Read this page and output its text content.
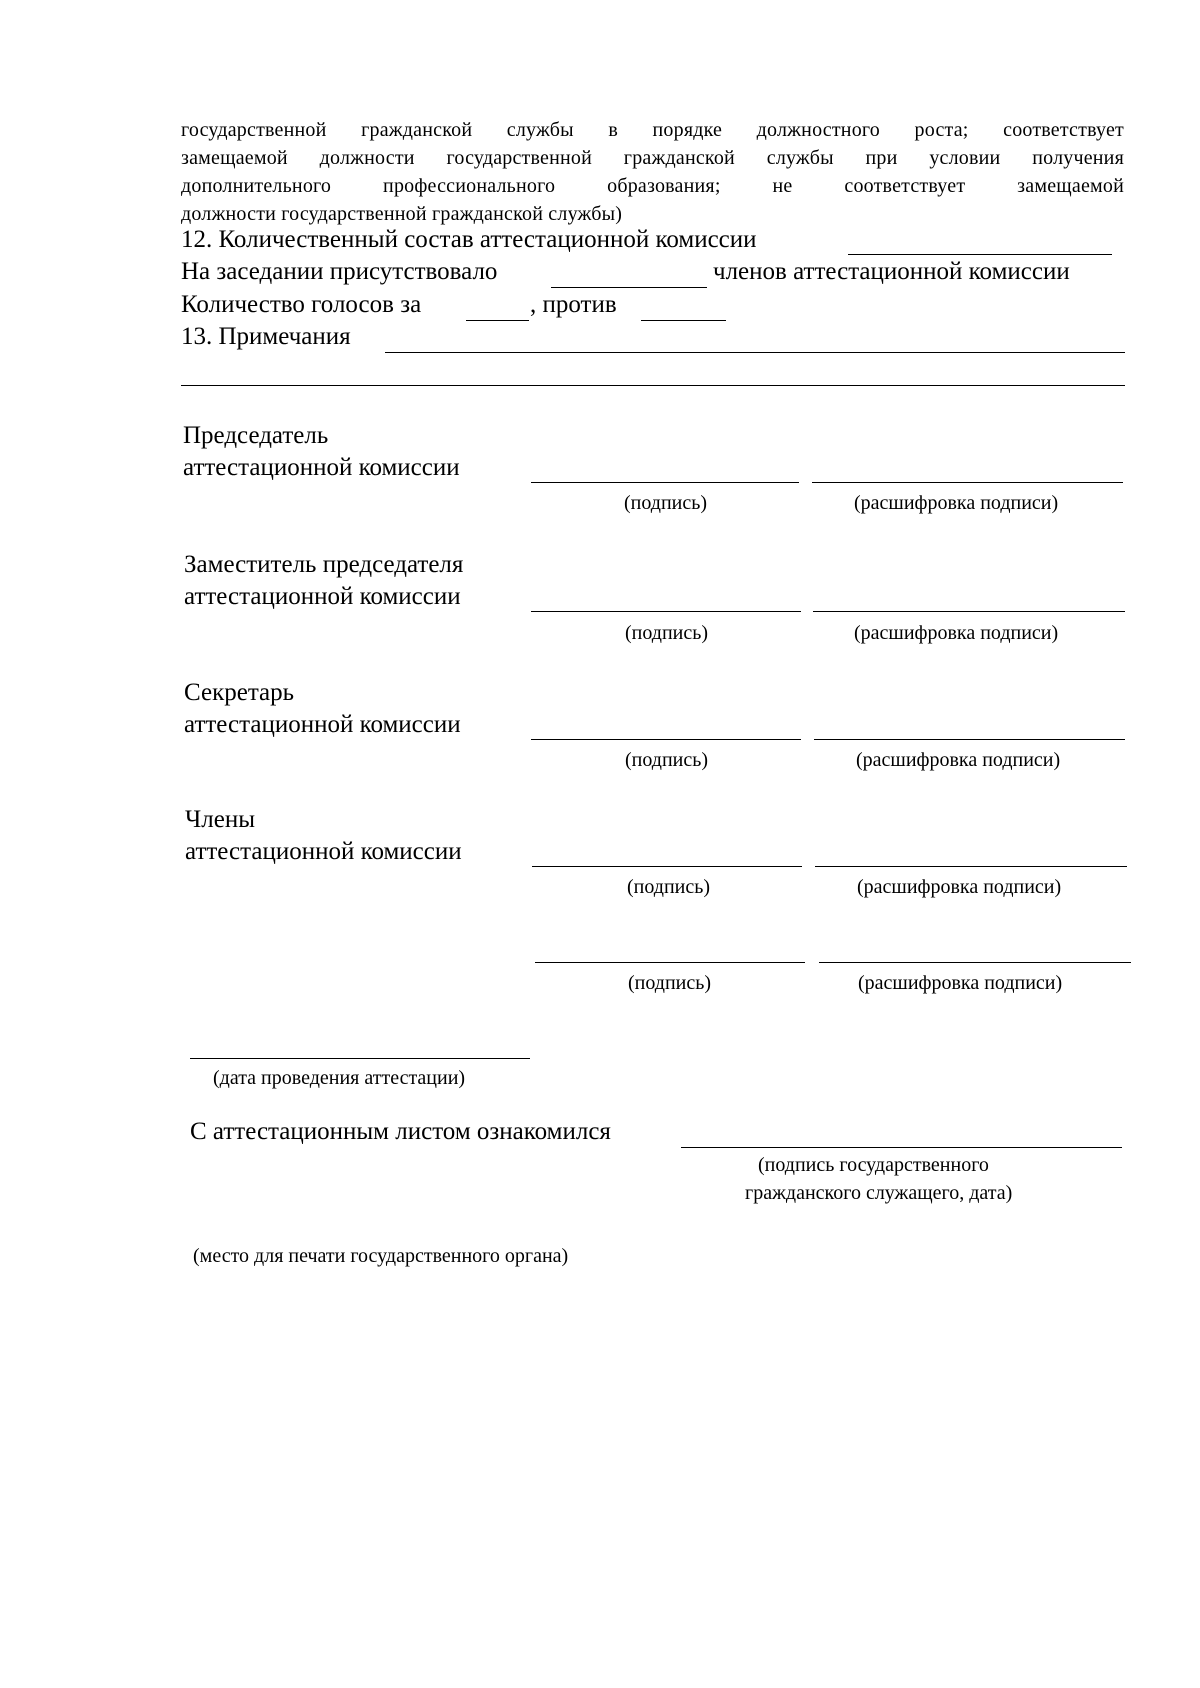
государственной гражданской службы в порядке должностного роста; соответствует
замещаемой должности государственной гражданской службы при условии получения
дополнительного профессионального образования; не соответствует замещаемой
должности государственной гражданской службы)
12. Количественный состав аттестационной комиссии
На заседании присутствовало	членов аттестационной комиссии
Количество голосов за	, против
13. Примечания
Председатель
аттестационной комиссии
(подпись)	(расшифровка подписи)
Заместитель председателя
аттестационной комиссии
(подпись)	(расшифровка подписи)
Секретарь
аттестационной комиссии
(подпись)	(расшифровка подписи)
Члены
аттестационной комиссии
(подпись)	(расшифровка подписи)
(подпись)	(расшифровка подписи)
(дата проведения аттестации)
С аттестационным листом ознакомился
(подпись государственного
гражданского служащего, дата)
(место для печати государственного органа)
